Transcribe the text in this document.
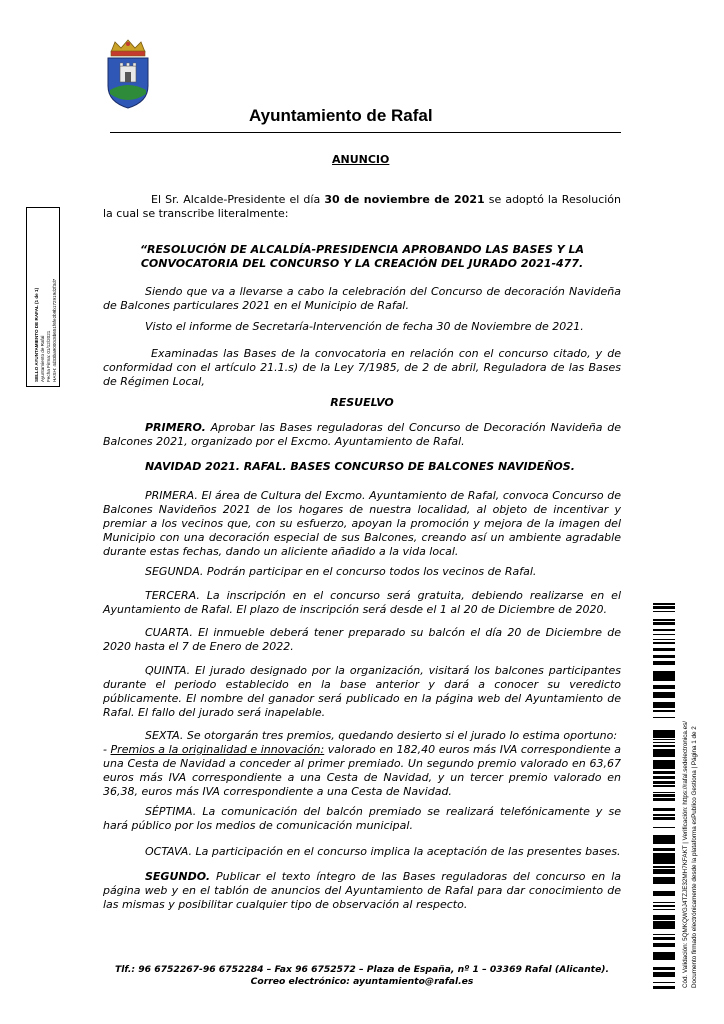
Ayuntamiento de Rafal
ANUNCIO
El Sr. Alcalde-Presidente el día 30 de noviembre de 2021 se adoptó la Resolución la cual se transcribe literalmente:
“RESOLUCIÓN DE ALCALDÍA-PRESIDENCIA APROBANDO LAS BASES Y LA CONVOCATORIA DEL CONCURSO Y LA CREACIÓN DEL JURADO 2021-477.
Siendo que va a llevarse a cabo la celebración del Concurso de decoración Navideña de Balcones particulares 2021 en el Municipio de Rafal.
Visto el informe de Secretaría-Intervención de fecha 30 de Noviembre de 2021.
Examinadas las Bases de la convocatoria en relación con el concurso citado, y de conformidad con el artículo 21.1.s) de la Ley 7/1985, de 2 de abril, Reguladora de las Bases de Régimen Local,
RESUELVO
PRIMERO. Aprobar las Bases reguladoras del Concurso de Decoración Navideña de Balcones 2021, organizado por el Excmo. Ayuntamiento de Rafal.
NAVIDAD 2021. RAFAL. BASES CONCURSO DE BALCONES NAVIDEÑOS.
PRIMERA. El área de Cultura del Excmo. Ayuntamiento de Rafal, convoca Concurso de Balcones Navideños 2021 de los hogares de nuestra localidad, al objeto de incentivar y premiar a los vecinos que, con su esfuerzo, apoyan la promoción y mejora de la imagen del Municipio con una decoración especial de sus Balcones, creando así un ambiente agradable durante estas fechas, dando un aliciente añadido a la vida local.
SEGUNDA. Podrán participar en el concurso todos los vecinos de Rafal.
TERCERA. La inscripción en el concurso será gratuita, debiendo realizarse en el Ayuntamiento de Rafal. El plazo de inscripción será desde el 1 al 20 de Diciembre de 2020.
CUARTA. El inmueble deberá tener preparado su balcón el día 20 de Diciembre de 2020 hasta el 7 de Enero de 2022.
QUINTA. El jurado designado por la organización, visitará los balcones participantes durante el periodo establecido en la base anterior y dará a conocer su veredicto públicamente. El nombre del ganador será publicado en la página web del Ayuntamiento de Rafal. El fallo del jurado será inapelable.
SEXTA. Se otorgarán tres premios, quedando desierto si el jurado lo estima oportuno:
- Premios a la originalidad e innovación: valorado en 182,40 euros más IVA correspondiente a una Cesta de Navidad a conceder al primer premiado. Un segundo premio valorado en 63,67 euros más IVA correspondiente a una Cesta de Navidad, y un tercer premio valorado en 36,38, euros más IVA correspondiente a una Cesta de Navidad.
SÉPTIMA. La comunicación del balcón premiado se realizará telefónicamente y se hará público por los medios de comunicación municipal.
OCTAVA. La participación en el concurso implica la aceptación de las presentes bases.
SEGUNDO. Publicar el texto íntegro de las Bases reguladoras del concurso en la página web y en el tablón de anuncios del Ayuntamiento de Rafal para dar conocimiento de las mismas y posibilitar cualquier tipo de observación al respecto.
Tlf.: 96 6752267-96 6752284 – Fax 96 6752572 – Plaza de España, nº 1 – 03369 Rafal (Alicante). Correo electrónico: ayuntamiento@rafal.es
SELLO AYUNTAMIENTO DE RAFAL (1 de 1) Ayuntamiento de Rafal Fecha Firma: 01/12/2021 HASH: 4d33ba9000c8b651f6fe2b9b172919d2f3d7
Cód. Validación: 5QMKQWGJ4TZJE32MH7KFAKT | Verificación: https://rafal.sedelectronica.es/ Documento firmado electrónicamente desde la plataforma esPublico Gestiona | Página 1 de 2
